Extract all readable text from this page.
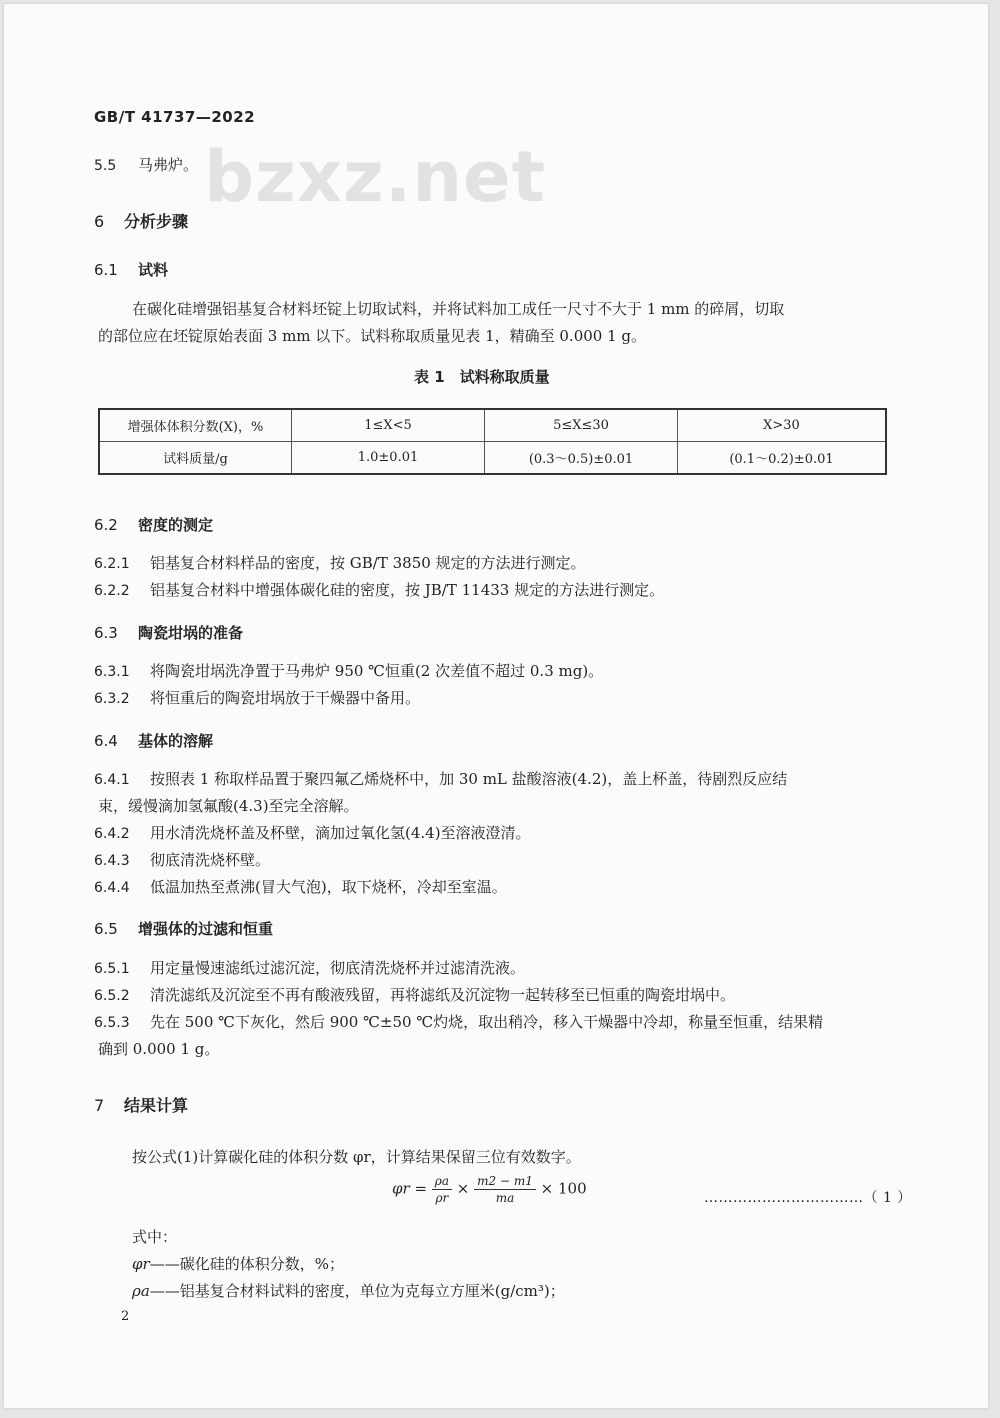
bzxz.net
GB/T 41737—2022
5.5 马弗炉。
6 分析步骤
6.1 试料
在碳化硅增强铝基复合材料坯锭上切取试料，并将试料加工成任一尺寸不大于 1 mm 的碎屑，切取
的部位应在坯锭原始表面 3 mm 以下。试料称取质量见表 1，精确至 0.000 1 g。
表 1　试料称取质量
增强体体积分数(X)，%	1≤X<5	5≤X≤30	X>30
试料质量/g	1.0±0.01	(0.3～0.5)±0.01	(0.1～0.2)±0.01
6.2 密度的测定
6.2.1 铝基复合材料样品的密度，按 GB/T 3850 规定的方法进行测定。
6.2.2 铝基复合材料中增强体碳化硅的密度，按 JB/T 11433 规定的方法进行测定。
6.3 陶瓷坩埚的准备
6.3.1 将陶瓷坩埚洗净置于马弗炉 950 ℃恒重(2 次差值不超过 0.3 mg)。
6.3.2 将恒重后的陶瓷坩埚放于干燥器中备用。
6.4 基体的溶解
6.4.1 按照表 1 称取样品置于聚四氟乙烯烧杯中，加 30 mL 盐酸溶液(4.2)，盖上杯盖，待剧烈反应结
束，缓慢滴加氢氟酸(4.3)至完全溶解。
6.4.2 用水清洗烧杯盖及杯壁，滴加过氧化氢(4.4)至溶液澄清。
6.4.3 彻底清洗烧杯壁。
6.4.4 低温加热至煮沸(冒大气泡)，取下烧杯，冷却至室温。
6.5 增强体的过滤和恒重
6.5.1 用定量慢速滤纸过滤沉淀，彻底清洗烧杯并过滤清洗液。
6.5.2 清洗滤纸及沉淀至不再有酸液残留，再将滤纸及沉淀物一起转移至已恒重的陶瓷坩埚中。
6.5.3 先在 500 ℃下灰化，然后 900 ℃±50 ℃灼烧，取出稍冷，移入干燥器中冷却，称量至恒重，结果精
确到 0.000 1 g。
7 结果计算
按公式(1)计算碳化硅的体积分数 φr，计算结果保留三位有效数字。
$\varphi r = \frac{\rho a}{\rho r} \times \frac{m2 - m1}{ma} \times 100$
……………………………（ 1 ）
式中：
φr——碳化硅的体积分数，%；
ρa——铝基复合材料试料的密度，单位为克每立方厘米(g/cm³)；
2
